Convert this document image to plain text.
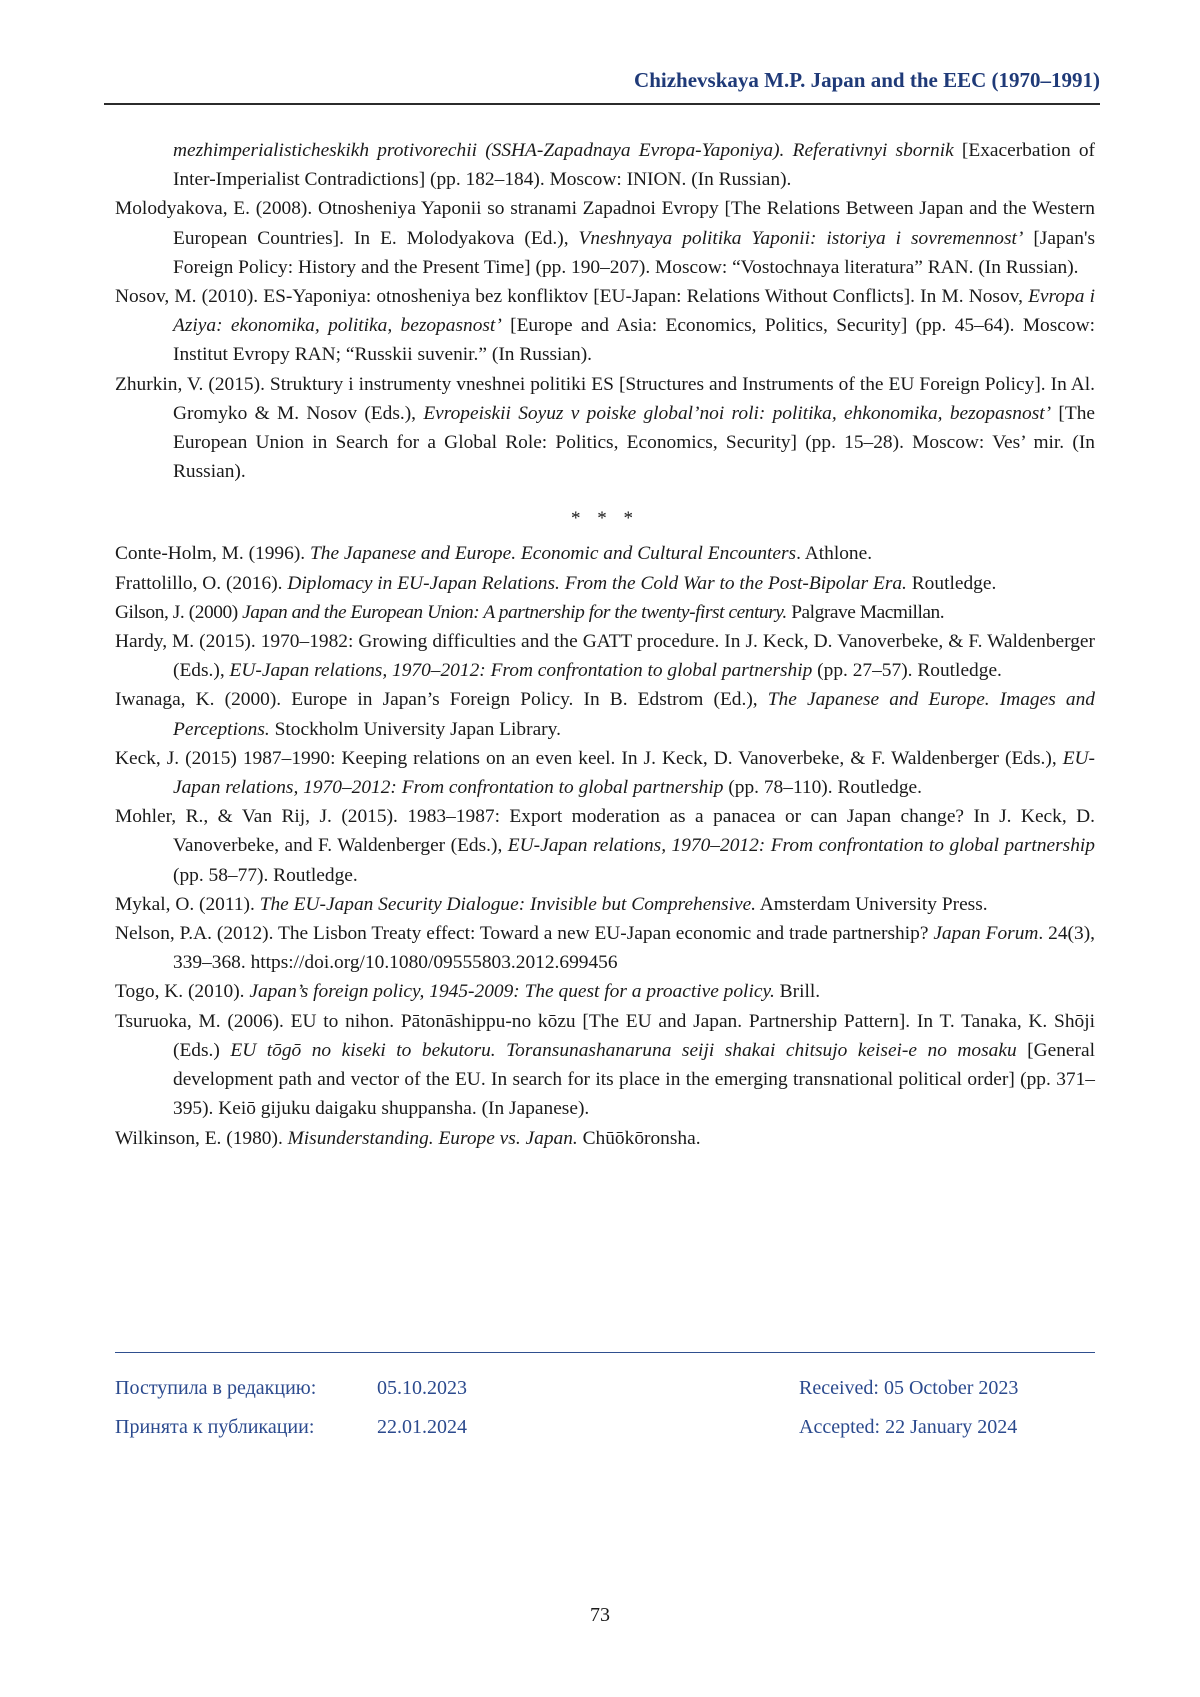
Chizhevskaya M.P. Japan and the EEC (1970–1991)

mezhimperialisticheskikh protivorechii (SSHA-Zapadnaya Evropa-Yaponiya). Referativnyi sbornik [Exacerbation of Inter-Imperialist Contradictions] (pp. 182–184). Moscow: INION. (In Russian).

Molodyakova, E. (2008). Otnosheniya Yaponii so stranami Zapadnoi Evropy [The Relations Between Japan and the Western European Countries]. In E. Molodyakova (Ed.), Vneshnyaya politika Yaponii: istoriya i sovremennost’ [Japan's Foreign Policy: History and the Present Time] (pp. 190–207). Moscow: “Vostochnaya literatura” RAN. (In Russian).

Nosov, M. (2010). ES-Yaponiya: otnosheniya bez konfliktov [EU-Japan: Relations Without Conflicts]. In M. Nosov, Evropa i Aziya: ekonomika, politika, bezopasnost’ [Europe and Asia: Economics, Politics, Security] (pp. 45–64). Moscow: Institut Evropy RAN; “Russkii suvenir.” (In Russian).

Zhurkin, V. (2015). Struktury i instrumenty vneshnei politiki ES [Structures and Instruments of the EU Foreign Policy]. In Al. Gromyko & M. Nosov (Eds.), Evropeiskii Soyuz v poiske global’noi roli: politika, ehkonomika, bezopasnost’ [The European Union in Search for a Global Role: Politics, Economics, Security] (pp. 15–28). Moscow: Ves’ mir. (In Russian).

* * *

Conte-Holm, M. (1996). The Japanese and Europe. Economic and Cultural Encounters. Athlone.

Frattolillo, O. (2016). Diplomacy in EU-Japan Relations. From the Cold War to the Post-Bipolar Era. Routledge.

Gilson, J. (2000) Japan and the European Union: A partnership for the twenty-first century. Palgrave Macmillan.

Hardy, M. (2015). 1970–1982: Growing difficulties and the GATT procedure. In J. Keck, D. Vanoverbeke, & F. Waldenberger (Eds.), EU-Japan relations, 1970–2012: From confrontation to global partnership (pp. 27–57). Routledge.

Iwanaga, K. (2000). Europe in Japan’s Foreign Policy. In B. Edstrom (Ed.), The Japanese and Europe. Images and Perceptions. Stockholm University Japan Library.

Keck, J. (2015) 1987–1990: Keeping relations on an even keel. In J. Keck, D. Vanoverbeke, & F. Waldenberger (Eds.), EU-Japan relations, 1970–2012: From confrontation to global partnership (pp. 78–110). Routledge.

Mohler, R., & Van Rij, J. (2015). 1983–1987: Export moderation as a panacea or can Japan change? In J. Keck, D. Vanoverbeke, and F. Waldenberger (Eds.), EU-Japan relations, 1970–2012: From confrontation to global partnership (pp. 58–77). Routledge.

Mykal, O. (2011). The EU-Japan Security Dialogue: Invisible but Comprehensive. Amsterdam University Press.

Nelson, P.A. (2012). The Lisbon Treaty effect: Toward a new EU-Japan economic and trade partnership? Japan Forum. 24(3), 339–368. https://doi.org/10.1080/09555803.2012.699456

Togo, K. (2010). Japan’s foreign policy, 1945-2009: The quest for a proactive policy. Brill.

Tsuruoka, M. (2006). EU to nihon. Pātonāshippu-no kōzu [The EU and Japan. Partnership Pattern]. In T. Tanaka, K. Shōji (Eds.) EU tōgō no kiseki to bekutoru. Toransunashanaruna seiji shakai chitsujo keisei-e no mosaku [General development path and vector of the EU. In search for its place in the emerging transnational political order] (pp. 371–395). Keiō gijuku daigaku shuppansha. (In Japanese).

Wilkinson, E. (1980). Misunderstanding. Europe vs. Japan. Chūōkōronsha.

Поступила в редакцию:	05.10.2023	Received: 05 October 2023
Принята к публикации:	22.01.2024	Accepted: 22 January 2024
73
